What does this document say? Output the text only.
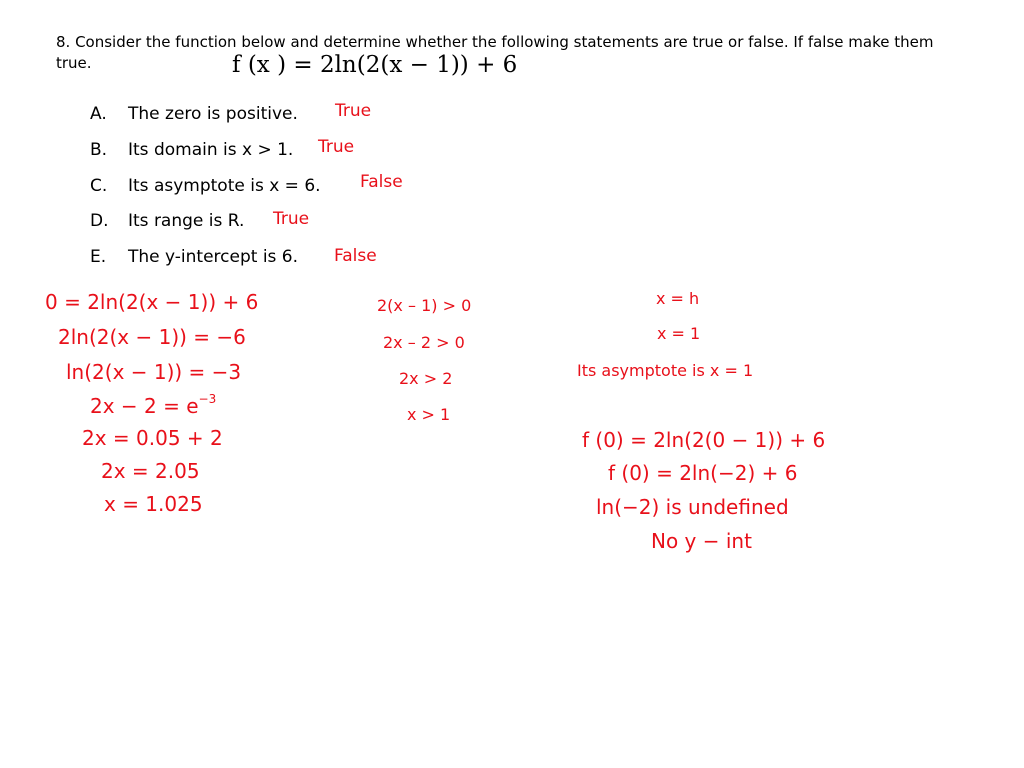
8. Consider the function below and determine whether the following statements are true or false. If false make them true.	f (x ) = 2ln(2(x − 1)) + 6
A. The zero is positive. True
B. Its domain is x > 1. True
C. Its asymptote is x = 6. False
D. Its range is R. True
E. The y-intercept is 6. False
0 = 2ln(2(x − 1)) + 6
2ln(2(x − 1)) = −6
ln(2(x − 1)) = −3
$2x - 2 = e^{-3}$
2x = 0.05 + 2
2x = 2.05
x = 1.025
2(x – 1) > 0
2x – 2 > 0
2x > 2
x > 1
x = h
x = 1
Its asymptote is x = 1
f (0) = 2ln(2(0 − 1)) + 6
f (0) = 2ln(−2) + 6
ln(−2) is undefined
No y − int
